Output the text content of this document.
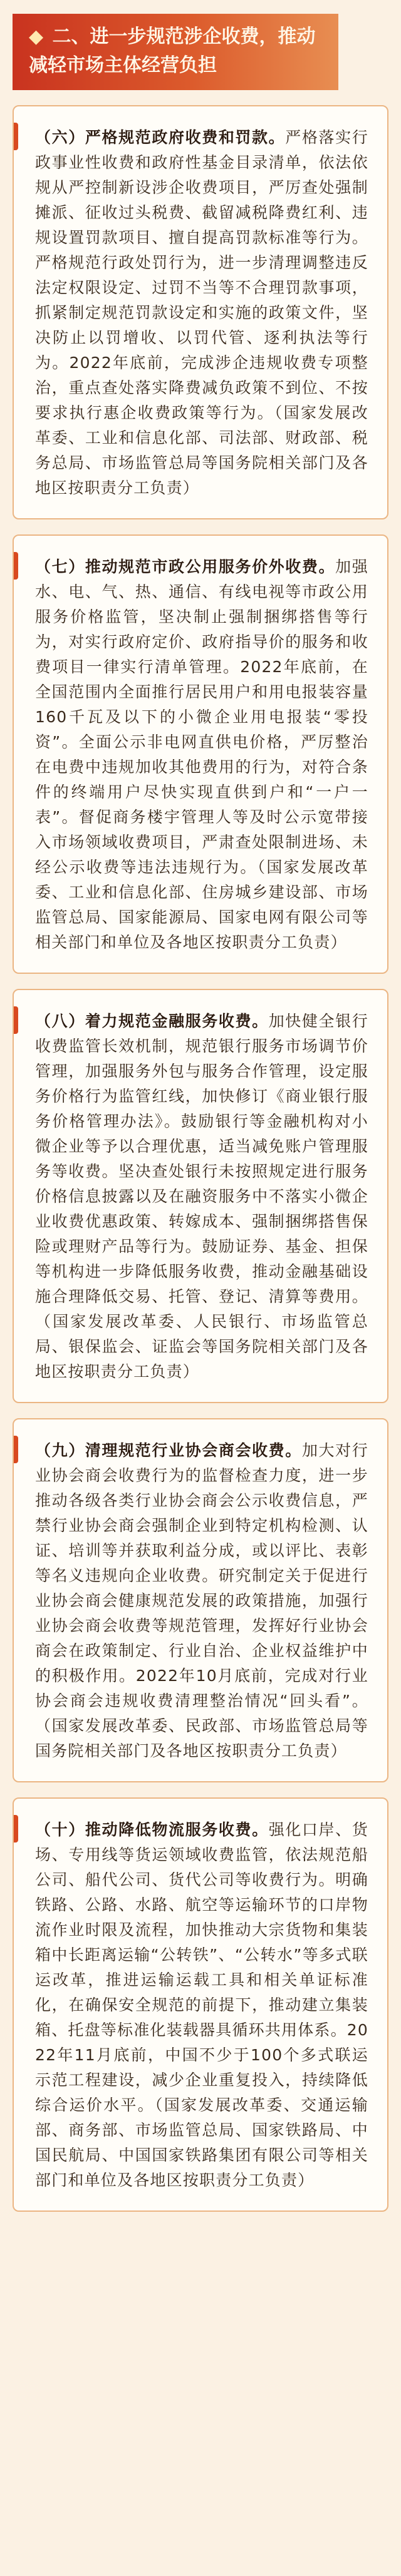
◆ 二、进一步规范涉企收费，推动减轻市场主体经营负担

（六）严格规范政府收费和罚款。严格落实行政事业性收费和政府性基金目录清单，依法依规从严控制新设涉企收费项目，严厉查处强制摊派、征收过头税费、截留减税降费红利、违规设置罚款项目、擅自提高罚款标准等行为。严格规范行政处罚行为，进一步清理调整违反法定权限设定、过罚不当等不合理罚款事项，抓紧制定规范罚款设定和实施的政策文件，坚决防止以罚增收、以罚代管、逐利执法等行为。2022年底前，完成涉企违规收费专项整治，重点查处落实降费减负政策不到位、不按要求执行惠企收费政策等行为。（国家发展改革委、工业和信息化部、司法部、财政部、税务总局、市场监管总局等国务院相关部门及各地区按职责分工负责）

（七）推动规范市政公用服务价外收费。加强水、电、气、热、通信、有线电视等市政公用服务价格监管，坚决制止强制捆绑搭售等行为，对实行政府定价、政府指导价的服务和收费项目一律实行清单管理。2022年底前，在全国范围内全面推行居民用户和用电报装容量160千瓦及以下的小微企业用电报装“零投资”。全面公示非电网直供电价格，严厉整治在电费中违规加收其他费用的行为，对符合条件的终端用户尽快实现直供到户和“一户一表”。督促商务楼宇管理人等及时公示宽带接入市场领域收费项目，严肃查处限制进场、未经公示收费等违法违规行为。（国家发展改革委、工业和信息化部、住房城乡建设部、市场监管总局、国家能源局、国家电网有限公司等相关部门和单位及各地区按职责分工负责）

（八）着力规范金融服务收费。加快健全银行收费监管长效机制，规范银行服务市场调节价管理，加强服务外包与服务合作管理，设定服务价格行为监管红线，加快修订《商业银行服务价格管理办法》。鼓励银行等金融机构对小微企业等予以合理优惠，适当减免账户管理服务等收费。坚决查处银行未按照规定进行服务价格信息披露以及在融资服务中不落实小微企业收费优惠政策、转嫁成本、强制捆绑搭售保险或理财产品等行为。鼓励证券、基金、担保等机构进一步降低服务收费，推动金融基础设施合理降低交易、托管、登记、清算等费用。（国家发展改革委、人民银行、市场监管总局、银保监会、证监会等国务院相关部门及各地区按职责分工负责）

（九）清理规范行业协会商会收费。加大对行业协会商会收费行为的监督检查力度，进一步推动各级各类行业协会商会公示收费信息，严禁行业协会商会强制企业到特定机构检测、认证、培训等并获取利益分成，或以评比、表彰等名义违规向企业收费。研究制定关于促进行业协会商会健康规范发展的政策措施，加强行业协会商会收费等规范管理，发挥好行业协会商会在政策制定、行业自治、企业权益维护中的积极作用。2022年10月底前，完成对行业协会商会违规收费清理整治情况“回头看”。（国家发展改革委、民政部、市场监管总局等国务院相关部门及各地区按职责分工负责）

（十）推动降低物流服务收费。强化口岸、货场、专用线等货运领域收费监管，依法规范船公司、船代公司、货代公司等收费行为。明确铁路、公路、水路、航空等运输环节的口岸物流作业时限及流程，加快推动大宗货物和集装箱中长距离运输“公转铁”、“公转水”等多式联运改革，推进运输运载工具和相关单证标准化，在确保安全规范的前提下，推动建立集装箱、托盘等标准化装载器具循环共用体系。2022年11月底前，中国不少于100个多式联运示范工程建设，减少企业重复投入，持续降低综合运价水平。（国家发展改革委、交通运输部、商务部、市场监管总局、国家铁路局、中国民航局、中国国家铁路集团有限公司等相关部门和单位及各地区按职责分工负责）
